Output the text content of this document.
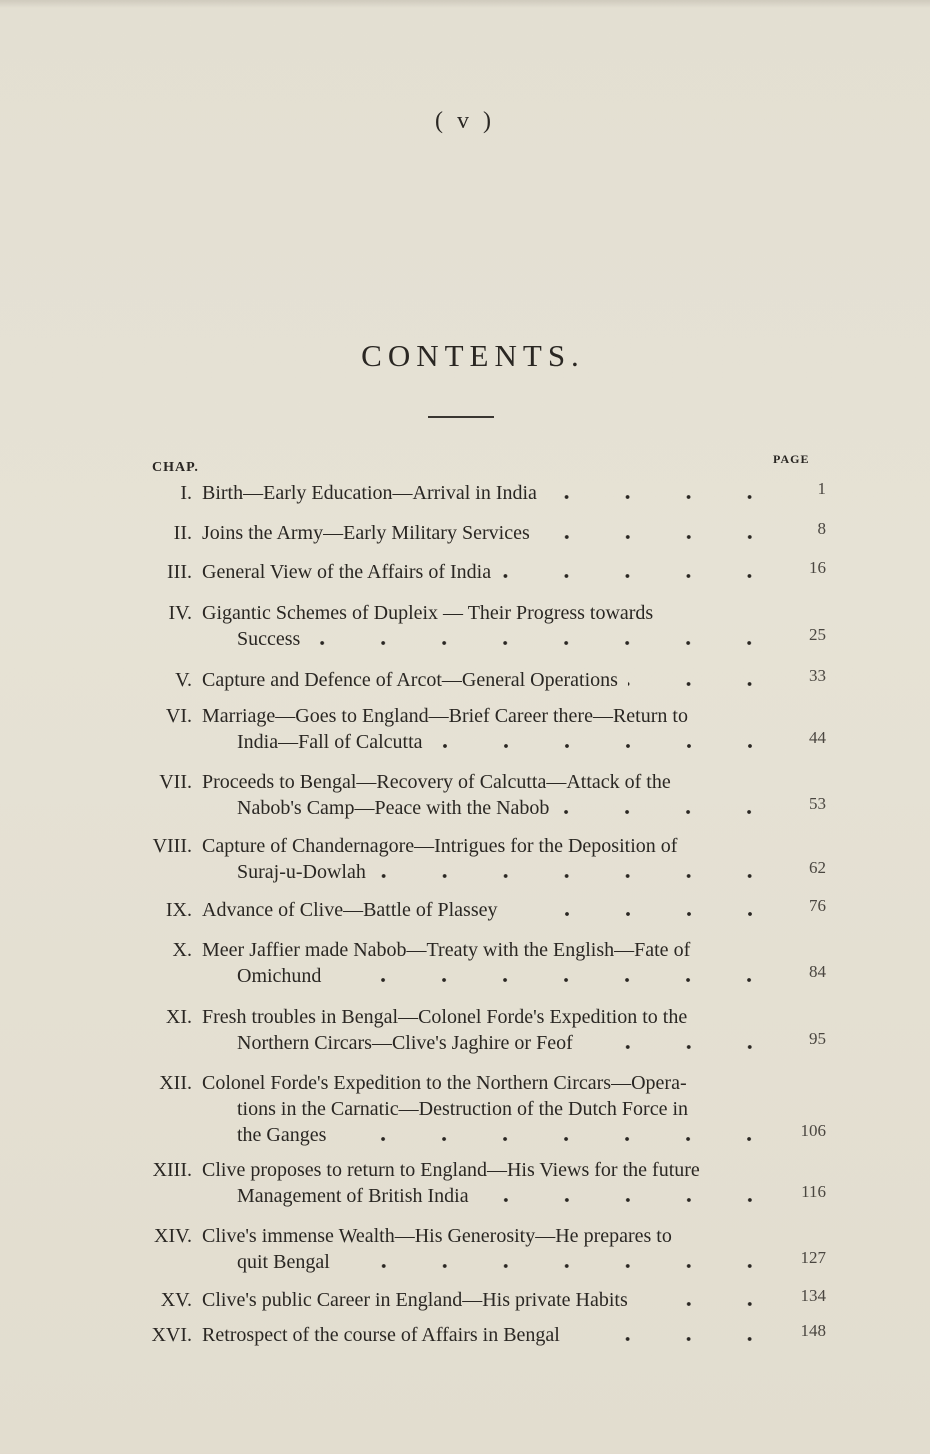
( v )
CONTENTS.
CHAP.
PAGE
I. Birth—Early Education—Arrival in India	1
II. Joins the Army—Early Military Services	8
III. General View of the Affairs of India	16
IV. Gigantic Schemes of Dupleix — Their Progress towards
Success	25
V. Capture and Defence of Arcot—General Operations	33
VI. Marriage—Goes to England—Brief Career there—Return to
India—Fall of Calcutta	44
VII. Proceeds to Bengal—Recovery of Calcutta—Attack of the
Nabob's Camp—Peace with the Nabob	53
VIII. Capture of Chandernagore—Intrigues for the Deposition of
Suraj-u-Dowlah	62
IX. Advance of Clive—Battle of Plassey	76
X. Meer Jaffier made Nabob—Treaty with the English—Fate of
Omichund	84
XI. Fresh troubles in Bengal—Colonel Forde's Expedition to the
Northern Circars—Clive's Jaghire or Feof	95
XII. Colonel Forde's Expedition to the Northern Circars—Opera-
tions in the Carnatic—Destruction of the Dutch Force in
the Ganges	106
XIII. Clive proposes to return to England—His Views for the future
Management of British India	116
XIV. Clive's immense Wealth—His Generosity—He prepares to
quit Bengal	127
XV. Clive's public Career in England—His private Habits	134
XVI. Retrospect of the course of Affairs in Bengal	148
